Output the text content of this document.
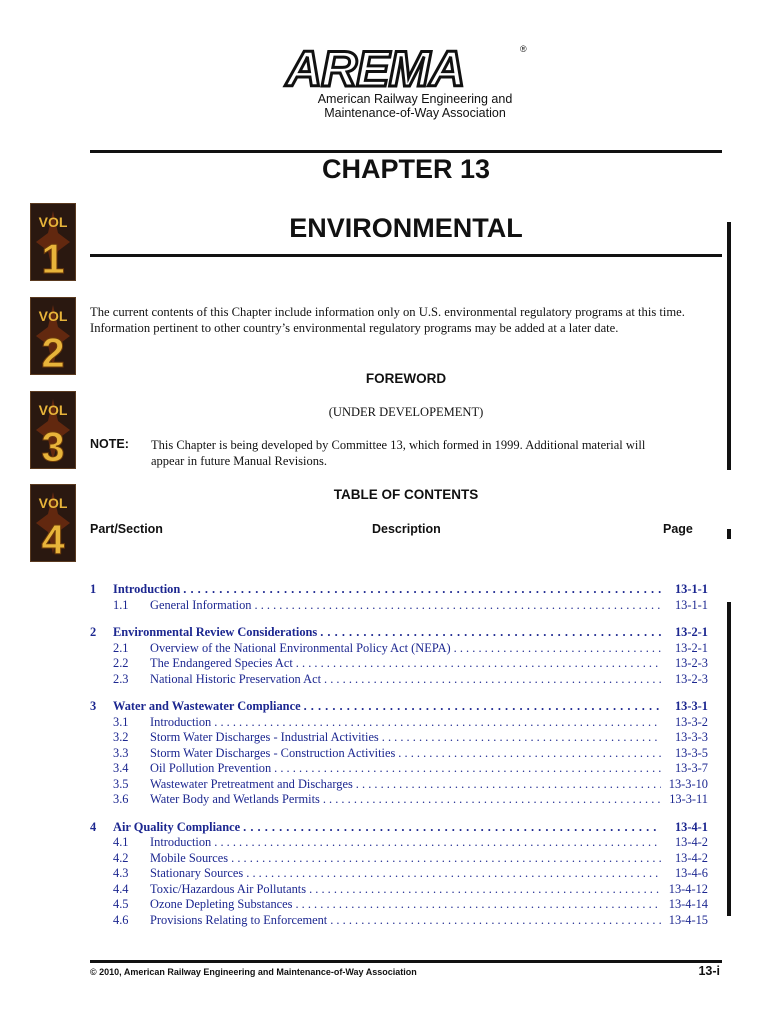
AREMA	®
American Railway Engineering and
Maintenance-of-Way Association
CHAPTER 13
ENVIRONMENTAL
VOL
1
VOL
2
VOL
3
VOL
4
The current contents of this Chapter include information only on U.S. environmental regulatory programs at this time. Information pertinent to other country’s environmental regulatory programs may be added at a later date.
FOREWORD
(UNDER DEVELOPEMENT)
NOTE: This Chapter is being developed by Committee 13, which formed in 1999. Additional material will appear in future Manual Revisions.
TABLE OF CONTENTS
Part/Section	Description	Page
1	Introduction . . .	13-1-1
1.1	General Information . . .	13-1-1
2	Environmental Review Considerations . . .	13-2-1
2.1	Overview of the National Environmental Policy Act (NEPA) . . .	13-2-1
2.2	The Endangered Species Act . . .	13-2-3
2.3	National Historic Preservation Act . . .	13-2-3
3	Water and Wastewater Compliance . . .	13-3-1
3.1	Introduction . . .	13-3-2
3.2	Storm Water Discharges - Industrial Activities . . .	13-3-3
3.3	Storm Water Discharges - Construction Activities . . .	13-3-5
3.4	Oil Pollution Prevention . . .	13-3-7
3.5	Wastewater Pretreatment and Discharges . . .	13-3-10
3.6	Water Body and Wetlands Permits . . .	13-3-11
4	Air Quality Compliance . . .	13-4-1
4.1	Introduction . . .	13-4-2
4.2	Mobile Sources . . .	13-4-2
4.3	Stationary Sources . . .	13-4-6
4.4	Toxic/Hazardous Air Pollutants . . .	13-4-12
4.5	Ozone Depleting Substances . . .	13-4-14
4.6	Provisions Relating to Enforcement . . .	13-4-15
© 2010, American Railway Engineering and Maintenance-of-Way Association	13-i
